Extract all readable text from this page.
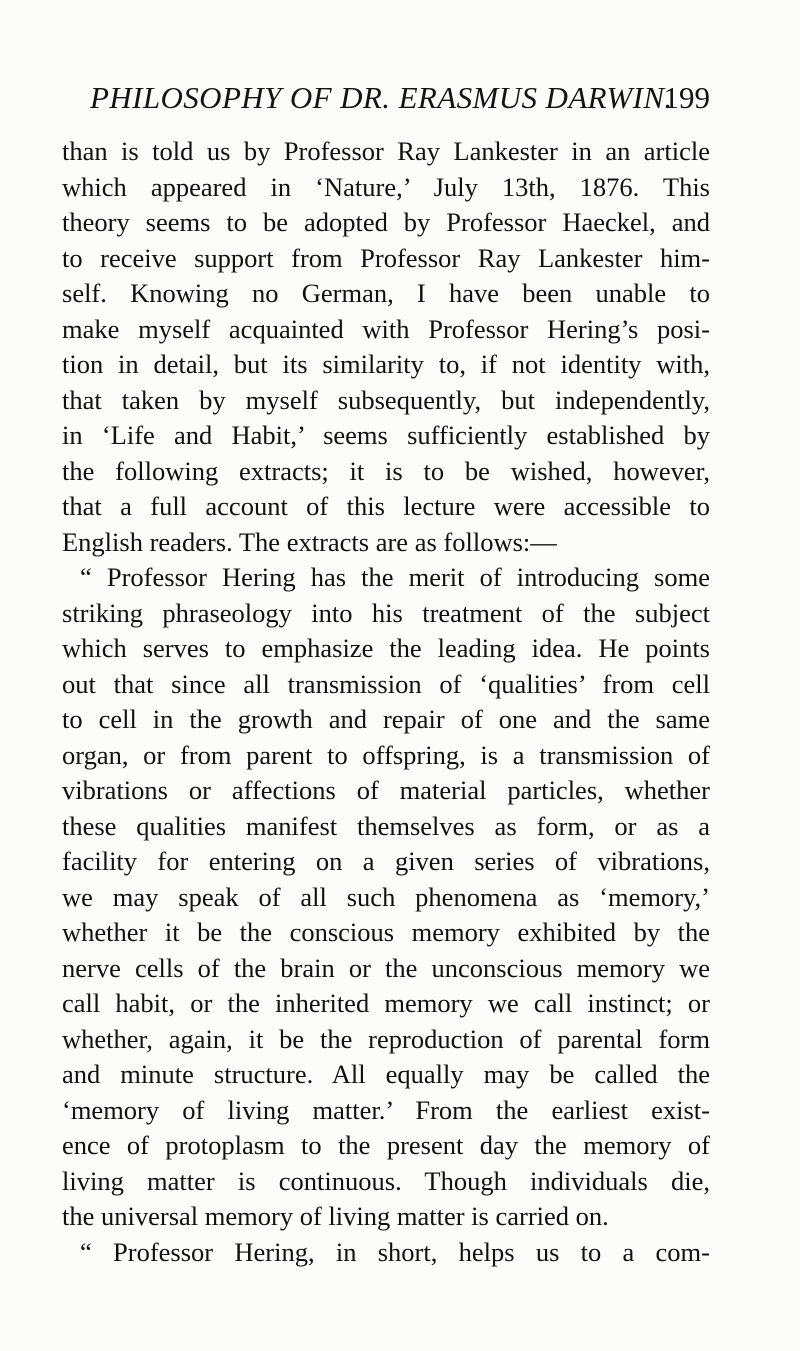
PHILOSOPHY OF DR. ERASMUS DARWIN.
199
than is told us by Professor Ray Lankester in an article
which appeared in ‘Nature,’ July 13th, 1876. This
theory seems to be adopted by Professor Haeckel, and
to receive support from Professor Ray Lankester him-
self. Knowing no German, I have been unable to
make myself acquainted with Professor Hering’s posi-
tion in detail, but its similarity to, if not identity with,
that taken by myself subsequently, but independently,
in ‘Life and Habit,’ seems sufficiently established by
the following extracts; it is to be wished, however,
that a full account of this lecture were accessible to
English readers. The extracts are as follows:—
“ Professor Hering has the merit of introducing some
striking phraseology into his treatment of the subject
which serves to emphasize the leading idea. He points
out that since all transmission of ‘qualities’ from cell
to cell in the growth and repair of one and the same
organ, or from parent to offspring, is a transmission of
vibrations or affections of material particles, whether
these qualities manifest themselves as form, or as a
facility for entering on a given series of vibrations,
we may speak of all such phenomena as ‘memory,’
whether it be the conscious memory exhibited by the
nerve cells of the brain or the unconscious memory we
call habit, or the inherited memory we call instinct; or
whether, again, it be the reproduction of parental form
and minute structure. All equally may be called the
‘memory of living matter.’ From the earliest exist-
ence of protoplasm to the present day the memory of
living matter is continuous. Though individuals die,
the universal memory of living matter is carried on.
“ Professor Hering, in short, helps us to a com-
